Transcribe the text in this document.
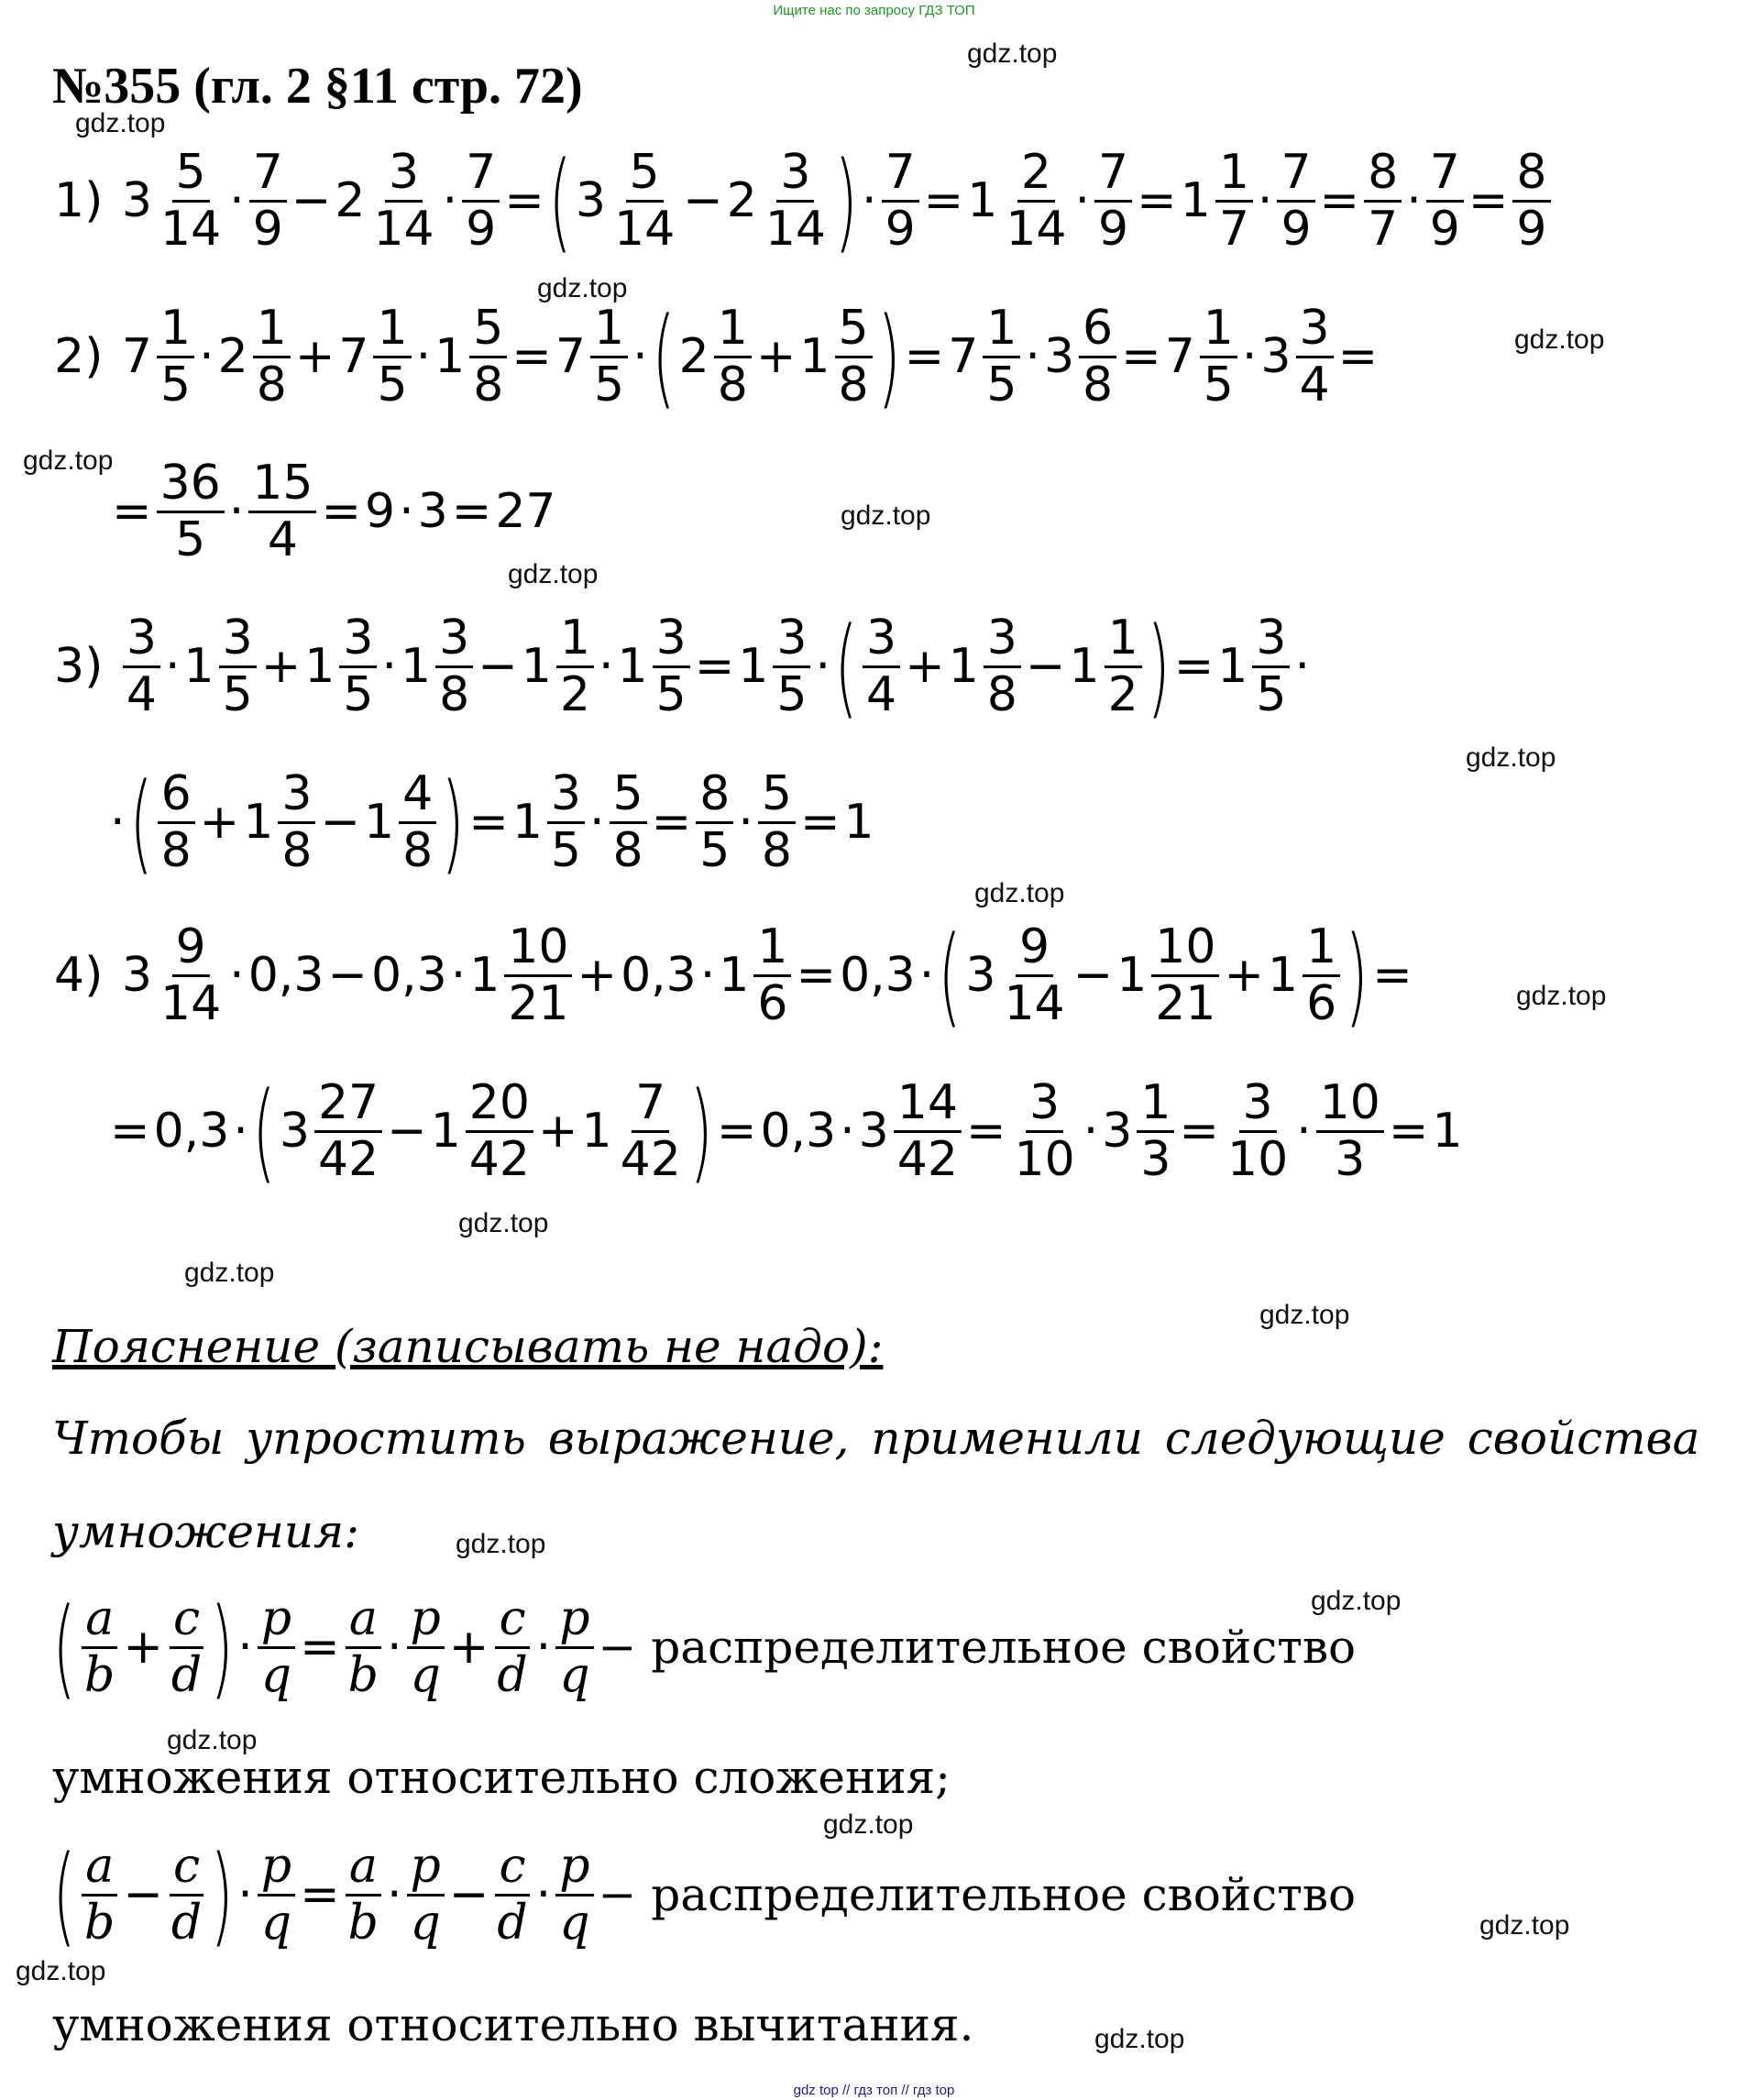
Ищите нас по запросу ГДЗ ТОП
№355 (гл. 2 §11 стр. 72)
gdz.top
gdz.top
gdz.top
gdz.top
gdz.top
gdz.top
gdz.top
gdz.top
gdz.top
gdz.top
gdz.top
gdz.top
gdz.top
gdz.top
gdz.top
gdz.top
gdz.top
gdz.top
gdz.top
gdz.top
1)
$3 \frac{5}{14} \cdot \frac{7}{9} - 2 \frac{3}{14} \cdot \frac{7}{9}$ = ( $3 \frac{5}{14} - 2 \frac{3}{14}$ ) · $\frac{7}{9} = 1 \frac{2}{14} \cdot \frac{7}{9} = 1 \frac{1}{7} \cdot \frac{7}{9} = \frac{8}{7} \cdot \frac{7}{9} = \frac{8}{9}$
2)
$7 \frac{1}{5} \cdot 2 \frac{1}{8} + 7 \frac{1}{5} \cdot 1 \frac{5}{8} = 7 \frac{1}{5}$ · ( $2 \frac{1}{8} + 1 \frac{5}{8}$ ) = $7 \frac{1}{5} \cdot 3 \frac{6}{8} = 7 \frac{1}{5} \cdot 3 \frac{3}{4}$ =
= $\frac{36}{5} \cdot \frac{15}{4} = 9 \cdot 3 = 27$
3)
$\frac{3}{4} \cdot 1 \frac{3}{5} + 1 \frac{3}{5} \cdot 1 \frac{3}{8} - 1 \frac{1}{2} \cdot 1 \frac{3}{5} = 1 \frac{3}{5}$ · ( $\frac{3}{4} + 1 \frac{3}{8} - 1 \frac{1}{2}$ ) = $1 \frac{3}{5}$ ·
· ( $\frac{6}{8} + 1 \frac{3}{8} - 1 \frac{4}{8}$ ) = $1 \frac{3}{5} \cdot \frac{5}{8} = \frac{8}{5} \cdot \frac{5}{8} = 1$
4)
$3 \frac{9}{14} \cdot 0,3 - 0,3 \cdot 1 \frac{10}{21} + 0,3 \cdot 1 \frac{1}{6} = 0,3$ · ( $3 \frac{9}{14} - 1 \frac{10}{21} + 1 \frac{1}{6}$ ) =
= 0,3 · ( $3 \frac{27}{42} - 1 \frac{20}{42} + 1 \frac{7}{42}$ ) = $0,3 \cdot 3 \frac{14}{42} = \frac{3}{10} \cdot 3 \frac{1}{3} = \frac{3}{10} \cdot \frac{10}{3} = 1$
Пояснение (записывать не надо):
Чтобы упростить выражение, применили следующие свойства
умножения:
( $\frac{a}{b} + \frac{c}{d}$ ) · $\frac{p}{q} = \frac{a}{b} \cdot \frac{p}{q} + \frac{c}{d} \cdot \frac{p}{q}$ − распределительное свойство
умножения относительно сложения;
( $\frac{a}{b} - \frac{c}{d}$ ) · $\frac{p}{q} = \frac{a}{b} \cdot \frac{p}{q} - \frac{c}{d} \cdot \frac{p}{q}$ − распределительное свойство
умножения относительно вычитания.
gdz top // гдз топ // гдз top
